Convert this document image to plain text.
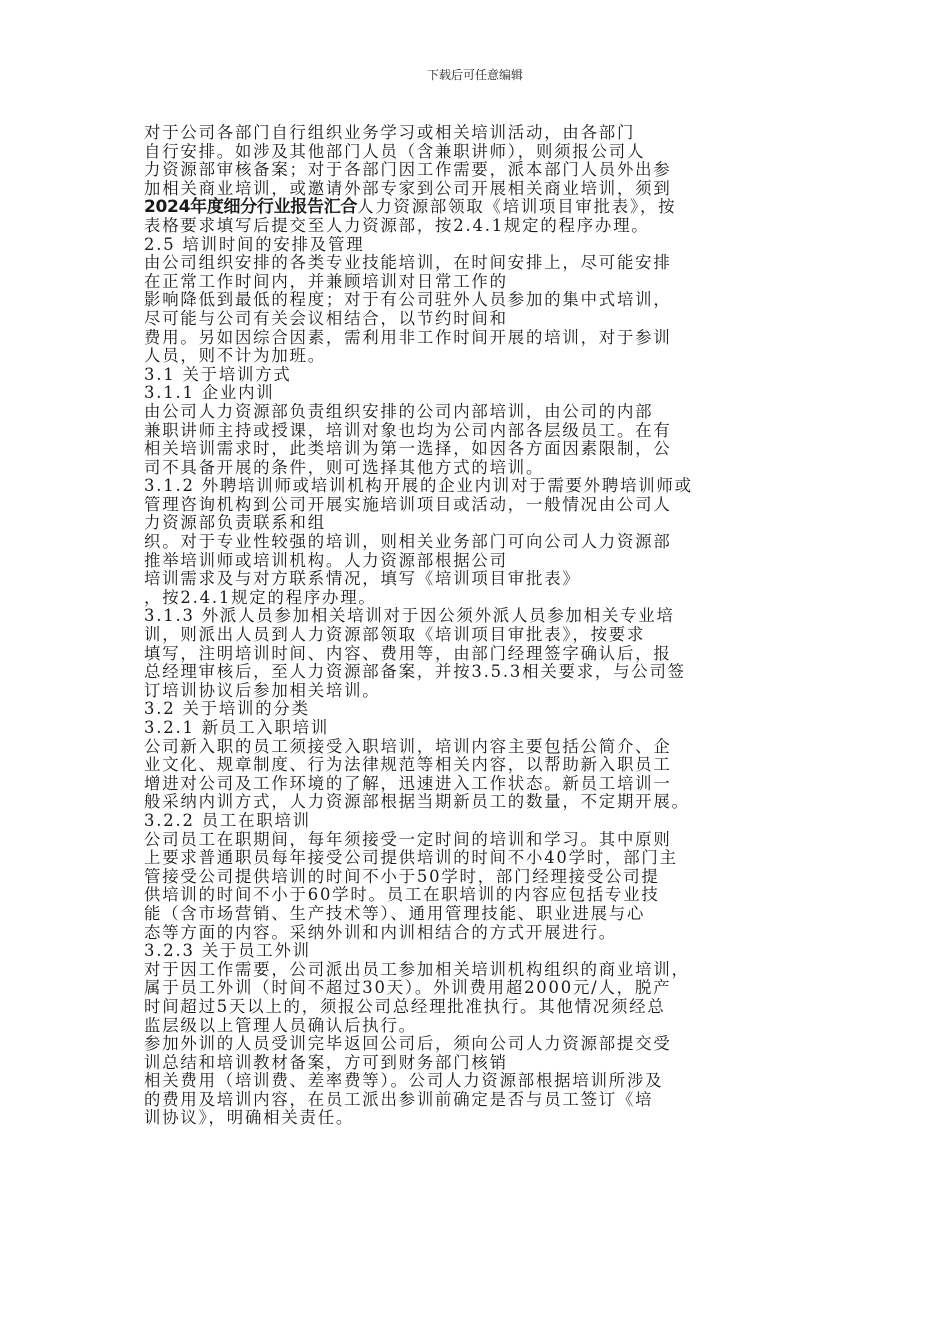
下载后可任意编辑
对于公司各部门自行组织业务学习或相关培训活动，由各部门
自行安排。如涉及其他部门人员（含兼职讲师），则须报公司人
力资源部审核备案；对于各部门因工作需要，派本部门人员外出参
加相关商业培训，或邀请外部专家到公司开展相关商业培训，须到
2024年度细分行业报告汇合人力资源部领取《培训项目审批表》，按
表格要求填写后提交至人力资源部，按2.4.1规定的程序办理。
2.5 培训时间的安排及管理
由公司组织安排的各类专业技能培训，在时间安排上，尽可能安排
在正常工作时间内，并兼顾培训对日常工作的
影响降低到最低的程度；对于有公司驻外人员参加的集中式培训，
尽可能与公司有关会议相结合，以节约时间和
费用。另如因综合因素，需利用非工作时间开展的培训，对于参训
人员，则不计为加班。
3.1 关于培训方式
3.1.1 企业内训
由公司人力资源部负责组织安排的公司内部培训，由公司的内部
兼职讲师主持或授课，培训对象也均为公司内部各层级员工。在有
相关培训需求时，此类培训为第一选择，如因各方面因素限制，公
司不具备开展的条件，则可选择其他方式的培训。
3.1.2 外聘培训师或培训机构开展的企业内训对于需要外聘培训师或
管理咨询机构到公司开展实施培训项目或活动，一般情况由公司人
力资源部负责联系和组
织。对于专业性较强的培训，则相关业务部门可向公司人力资源部
推举培训师或培训机构。人力资源部根据公司
培训需求及与对方联系情况，填写《培训项目审批表》
，按2.4.1规定的程序办理。
3.1.3 外派人员参加相关培训对于因公须外派人员参加相关专业培
训，则派出人员到人力资源部领取《培训项目审批表》，按要求
填写，注明培训时间、内容、费用等，由部门经理签字确认后，报
总经理审核后，至人力资源部备案，并按3.5.3相关要求，与公司签
订培训协议后参加相关培训。
3.2 关于培训的分类
3.2.1 新员工入职培训
公司新入职的员工须接受入职培训，培训内容主要包括公简介、企
业文化、规章制度、行为法律规范等相关内容，以帮助新入职员工
增进对公司及工作环境的了解，迅速进入工作状态。新员工培训一
般采纳内训方式，人力资源部根据当期新员工的数量，不定期开展。
3.2.2 员工在职培训
公司员工在职期间，每年须接受一定时间的培训和学习。其中原则
上要求普通职员每年接受公司提供培训的时间不小40学时，部门主
管接受公司提供培训的时间不小于50学时，部门经理接受公司提
供培训的时间不小于60学时。员工在职培训的内容应包括专业技
能（含市场营销、生产技术等）、通用管理技能、职业进展与心
态等方面的内容。采纳外训和内训相结合的方式开展进行。
3.2.3 关于员工外训
对于因工作需要，公司派出员工参加相关培训机构组织的商业培训，
属于员工外训（时间不超过30天）。外训费用超2000元/人，脱产
时间超过5天以上的，须报公司总经理批准执行。其他情况须经总
监层级以上管理人员确认后执行。
参加外训的人员受训完毕返回公司后，须向公司人力资源部提交受
训总结和培训教材备案，方可到财务部门核销
相关费用（培训费、差率费等）。公司人力资源部根据培训所涉及
的费用及培训内容，在员工派出参训前确定是否与员工签订《培
训协议》，明确相关责任。
